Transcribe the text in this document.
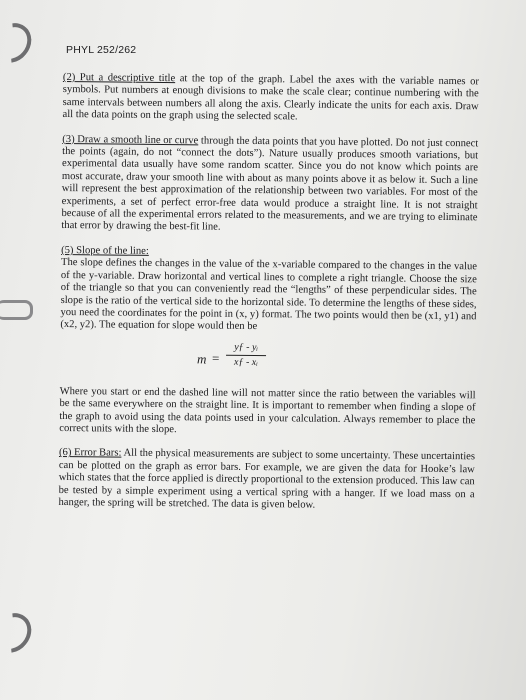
PHYL 252/262

(2) Put a descriptive title at the top of the graph. Label the axes with the variable names or symbols. Put numbers at enough divisions to make the scale clear; continue numbering with the same intervals between numbers all along the axis. Clearly indicate the units for each axis. Draw all the data points on the graph using the selected scale.

(3) Draw a smooth line or curve through the data points that you have plotted. Do not just connect the points (again, do not “connect the dots”). Nature usually produces smooth variations, but experimental data usually have some random scatter. Since you do not know which points are most accurate, draw your smooth line with about as many points above it as below it. Such a line will represent the best approximation of the relationship between two variables. For most of the experiments, a set of perfect error-free data would produce a straight line. It is not straight because of all the experimental errors related to the measurements, and we are trying to eliminate that error by drawing the best-fit line.

(5) Slope of the line:
The slope defines the changes in the value of the x-variable compared to the changes in the value of the y-variable. Draw horizontal and vertical lines to complete a right triangle. Choose the size of the triangle so that you can conveniently read the “lengths” of these perpendicular sides. The slope is the ratio of the vertical side to the horizontal side. To determine the lengths of these sides, you need the coordinates for the point in (x, y) format. The two points would then be (x1, y1) and (x2, y2). The equation for slope would then be

$m = \frac{\text{yƒ - yᵢ}}{\text{xƒ - xᵢ}}$

Where you start or end the dashed line will not matter since the ratio between the variables will be the same everywhere on the straight line. It is important to remember when finding a slope of the graph to avoid using the data points used in your calculation. Always remember to place the correct units with the slope.

(6) Error Bars: All the physical measurements are subject to some uncertainty. These uncertainties can be plotted on the graph as error bars. For example, we are given the data for Hooke’s law which states that the force applied is directly proportional to the extension produced. This law can be tested by a simple experiment using a vertical spring with a hanger. If we load mass on a hanger, the spring will be stretched. The data is given below.
